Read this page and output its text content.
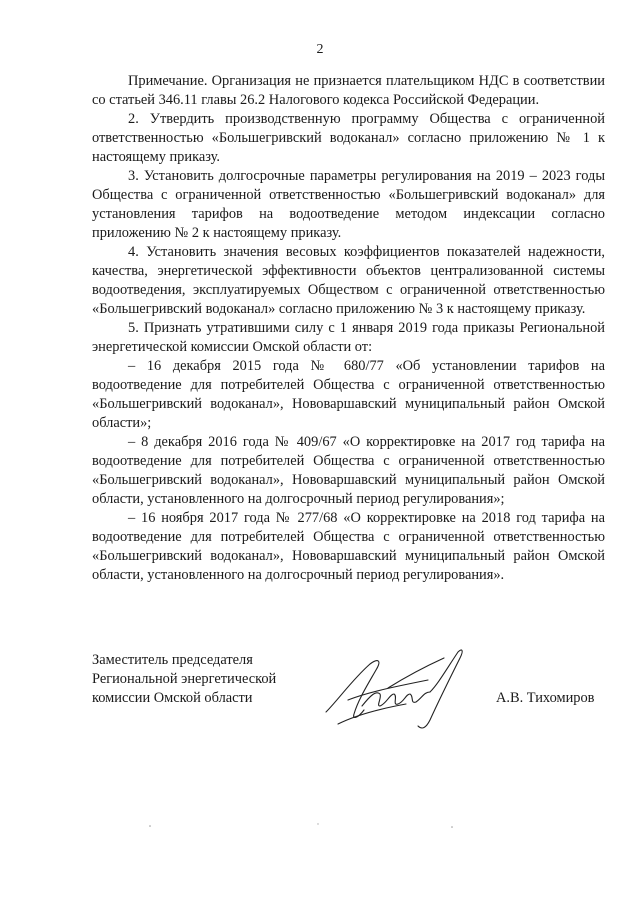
2

Примечание. Организация не признается плательщиком НДС в соответствии со статьей 346.11 главы 26.2 Налогового кодекса Российской Федерации.

2. Утвердить производственную программу Общества с ограниченной ответственностью «Большегривский водоканал» согласно приложению № 1 к настоящему приказу.

3. Установить долгосрочные параметры регулирования на 2019 – 2023 годы Общества с ограниченной ответственностью «Большегривский водоканал» для установления тарифов на водоотведение методом индексации согласно приложению № 2 к настоящему приказу.

4. Установить значения весовых коэффициентов показателей надежности, качества, энергетической эффективности объектов централизованной системы водоотведения, эксплуатируемых Обществом с ограниченной ответственностью «Большегривский водоканал» согласно приложению № 3 к настоящему приказу.

5. Признать утратившими силу с 1 января 2019 года приказы Региональной энергетической комиссии Омской области от:

– 16 декабря 2015 года № 680/77 «Об установлении тарифов на водоотведение для потребителей Общества с ограниченной ответственностью «Большегривский водоканал», Нововаршавский муниципальный район Омской области»;

– 8 декабря 2016 года № 409/67 «О корректировке на 2017 год тарифа на водоотведение для потребителей Общества с ограниченной ответственностью «Большегривский водоканал», Нововаршавский муниципальный район Омской области, установленного на долгосрочный период регулирования»;

– 16 ноября 2017 года № 277/68 «О корректировке на 2018 год тарифа на водоотведение для потребителей Общества с ограниченной ответственностью «Большегривский водоканал», Нововаршавский муниципальный район Омской области, установленного на долгосрочный период регулирования».

Заместитель председателя
Региональной энергетической
комиссии Омской области	А.В. Тихомиров
